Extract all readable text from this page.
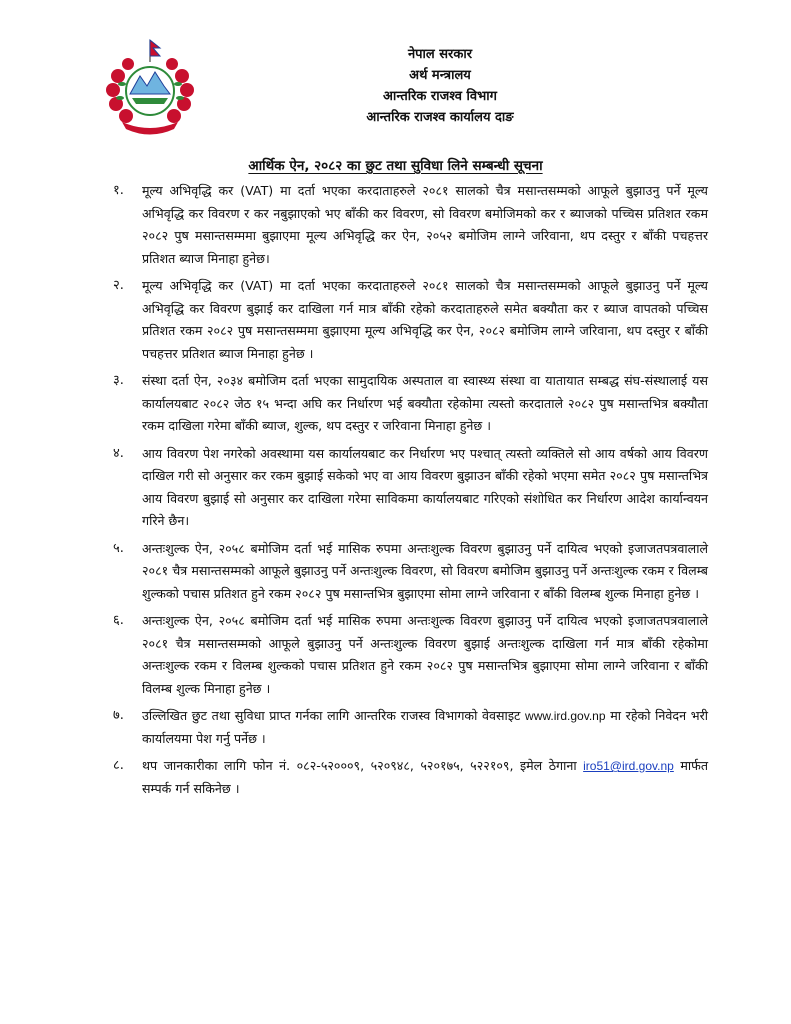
नेपाल सरकार
अर्थ मन्त्रालय
आन्तरिक राजश्व विभाग
आन्तरिक राजश्व कार्यालय दाङ
आर्थिक ऐन, २०८२ का छुट तथा सुविधा लिने सम्बन्धी सूचना
१.	मूल्य अभिवृद्धि कर (VAT) मा दर्ता भएका करदाताहरुले २०८१ सालको चैत्र मसान्तसम्मको आफूले बुझाउनु पर्ने मूल्य अभिवृद्धि कर विवरण र कर नबुझाएको भए बाँकी कर विवरण, सो विवरण बमोजिमको कर र ब्याजको पच्चिस प्रतिशत रकम २०८२ पुष मसान्तसम्ममा बुझाएमा मूल्य अभिवृद्धि कर ऐन, २०५२ बमोजिम लाग्ने जरिवाना, थप दस्तुर र बाँकी पचहत्तर प्रतिशत ब्याज मिनाहा हुनेछ।
२.	मूल्य अभिवृद्धि कर (VAT) मा दर्ता भएका करदाताहरुले २०८१ सालको चैत्र मसान्तसम्मको आफूले बुझाउनु पर्ने मूल्य अभिवृद्धि कर विवरण बुझाई कर दाखिला गर्न मात्र बाँकी रहेको करदाताहरुले समेत बक्यौता कर र ब्याज वापतको पच्चिस प्रतिशत रकम २०८२ पुष मसान्तसम्ममा बुझाएमा मूल्य अभिवृद्धि कर ऐन, २०८२ बमोजिम लाग्ने जरिवाना, थप दस्तुर र बाँकी पचहत्तर प्रतिशत ब्याज मिनाहा हुनेछ ।
३.	संस्था दर्ता ऐन, २०३४ बमोजिम दर्ता भएका सामुदायिक अस्पताल वा स्वास्थ्य संस्था वा यातायात सम्बद्ध संघ-संस्थालाई यस कार्यालयबाट २०८२ जेठ १५ भन्दा अघि कर निर्धारण भई बक्यौता रहेकोमा त्यस्तो करदाताले २०८२ पुष मसान्तभित्र बक्यौता रकम दाखिला गरेमा बाँकी ब्याज, शुल्क, थप दस्तुर र जरिवाना मिनाहा हुनेछ ।
४.	आय विवरण पेश नगरेको अवस्थामा यस कार्यालयबाट कर निर्धारण भए पश्चात् त्यस्तो व्यक्तिले सो आय वर्षको आय विवरण दाखिल गरी सो अनुसार कर रकम बुझाई सकेको भए वा आय विवरण बुझाउन बाँकी रहेको भएमा समेत २०८२ पुष मसान्तभित्र आय विवरण बुझाई सो अनुसार कर दाखिला गरेमा साविकमा कार्यालयबाट गरिएको संशोधित कर निर्धारण आदेश कार्यान्वयन गरिने छैन।
५.	अन्तःशुल्क ऐन, २०५८ बमोजिम दर्ता भई मासिक रुपमा अन्तःशुल्क विवरण बुझाउनु पर्ने दायित्व भएको इजाजतपत्रवालाले २०८१ चैत्र मसान्तसम्मको आफूले बुझाउनु पर्ने अन्तःशुल्क विवरण, सो विवरण बमोजिम बुझाउनु पर्ने अन्तःशुल्क रकम र विलम्ब शुल्कको पचास प्रतिशत हुने रकम २०८२ पुष मसान्तभित्र बुझाएमा सोमा लाग्ने जरिवाना र बाँकी विलम्ब शुल्क मिनाहा हुनेछ ।
६.	अन्तःशुल्क ऐन, २०५८ बमोजिम दर्ता भई मासिक रुपमा अन्तःशुल्क विवरण बुझाउनु पर्ने दायित्व भएको इजाजतपत्रवालाले २०८१ चैत्र मसान्तसम्मको आफूले बुझाउनु पर्ने अन्तःशुल्क विवरण बुझाई अन्तःशुल्क दाखिला गर्न मात्र बाँकी रहेकोमा अन्तःशुल्क रकम र विलम्ब शुल्कको पचास प्रतिशत हुने रकम २०८२ पुष मसान्तभित्र बुझाएमा सोमा लाग्ने जरिवाना र बाँकी विलम्ब शुल्क मिनाहा हुनेछ ।
७.	उल्लिखित छुट तथा सुविधा प्राप्त गर्नका लागि आन्तरिक राजस्व विभागको वेवसाइट www.ird.gov.np मा रहेको निवेदन भरी कार्यालयमा पेश गर्नु पर्नेछ ।
८.	थप जानकारीका लागि फोन नं. ०८२-५२०००९, ५२०९४८, ५२०१७५, ५२२१०९, इमेल ठेगाना iro51@ird.gov.np मार्फत सम्पर्क गर्न सकिनेछ ।
